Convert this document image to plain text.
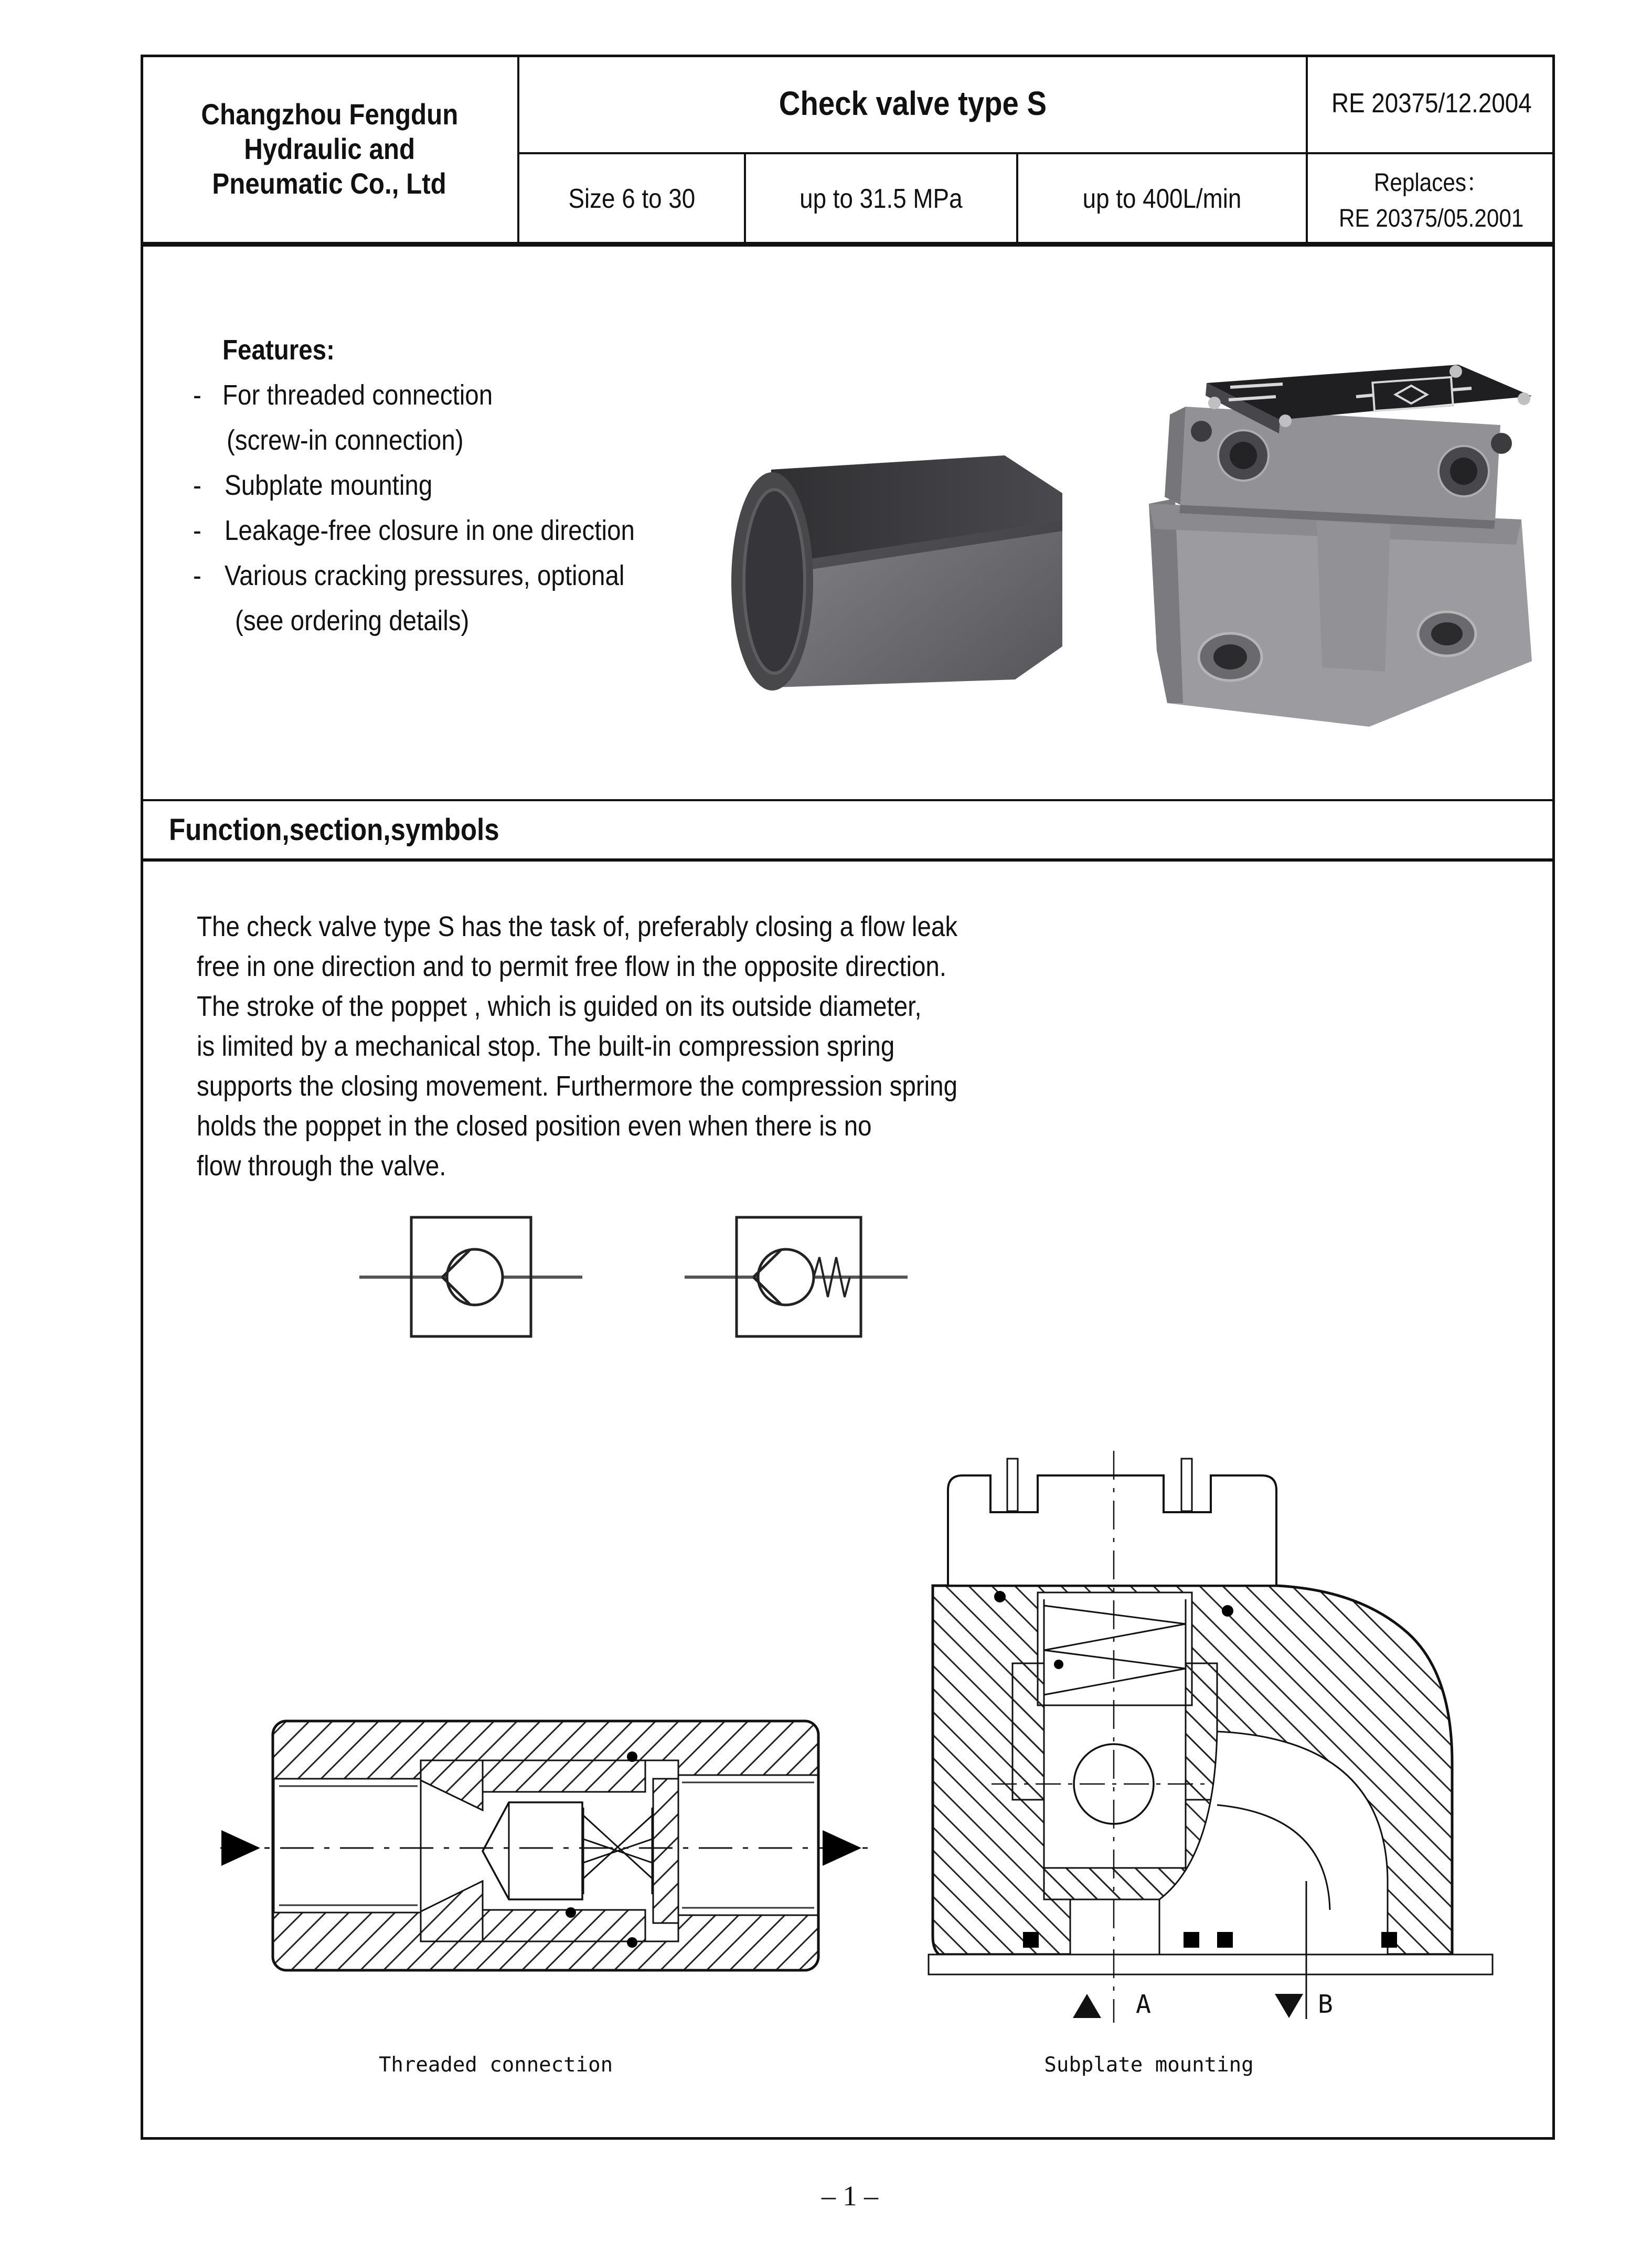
Changzhou Fengdun
Hydraulic and
Pneumatic Co., Ltd
Check valve type S	RE 20375/12.2004
Size 6 to 30	up to 31.5 MPa	up to 400L/min
Replaces：
RE 20375/05.2001
Features:
- For threaded connection
(screw-in connection)
- Subplate mounting
- Leakage-free closure in one direction
- Various cracking pressures, optional
(see ordering details)
Function,section,symbols
The check valve type S has the task of, preferably closing a flow leak
free in one direction and to permit free flow in the opposite direction.
The stroke of the poppet , which is guided on its outside diameter,
is limited by a mechanical stop. The built-in compression spring
supports the closing movement. Furthermore the compression spring
holds the poppet in the closed position even when there is no
flow through the valve.
A	B
Threaded connection	Subplate mounting
– 1 –
